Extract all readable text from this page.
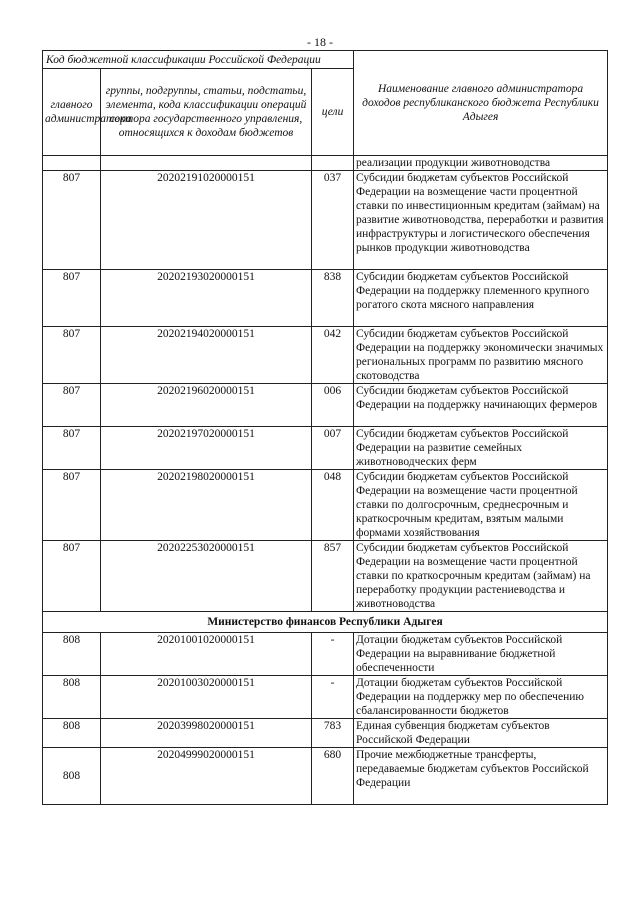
- 18 -
Код бюджетной классификации Российской Федерации			Наименование главного администратора доходов республиканского бюджета Республики Адыгея
главного администратора	группы, подгруппы, статьи, подстатьи, элемента, кода классификации операций сектора государственного управления, относящихся к доходам бюджетов	цели	
			реализации продукции животноводства
807	20202191020000151	037	Субсидии бюджетам субъектов Российской Федерации на возмещение части процентной ставки по инвестиционным кредитам (займам) на развитие животноводства, переработки и развития инфраструктуры и логистического обеспечения рынков продукции животноводства
807	20202193020000151	838	Субсидии бюджетам субъектов Российской Федерации на поддержку племенного крупного рогатого скота мясного направления
807	20202194020000151	042	Субсидии бюджетам субъектов Российской Федерации на поддержку экономически значимых региональных программ по развитию мясного скотоводства
807	20202196020000151	006	Субсидии бюджетам субъектов Российской Федерации на поддержку начинающих фермеров
807	20202197020000151	007	Субсидии бюджетам субъектов Российской Федерации на развитие семейных животноводческих ферм
807	20202198020000151	048	Субсидии бюджетам субъектов Российской Федерации на возмещение части процентной ставки по долгосрочным, среднесрочным и краткосрочным кредитам, взятым малыми формами хозяйствования
807	20202253020000151	857	Субсидии бюджетам субъектов Российской Федерации на возмещение части процентной ставки по краткосрочным кредитам (займам) на переработку продукции растениеводства и животноводства
Министерство финансов Республики Адыгея			
808	20201001020000151	-	Дотации бюджетам субъектов Российской Федерации на выравнивание бюджетной обеспеченности
808	20201003020000151	-	Дотации бюджетам субъектов Российской Федерации на поддержку мер по обеспечению сбалансированности бюджетов
808	20203998020000151	783	Единая субвенция бюджетам субъектов Российской Федерации
808	20204999020000151	680	Прочие межбюджетные трансферты, передаваемые бюджетам субъектов Российской Федерации
